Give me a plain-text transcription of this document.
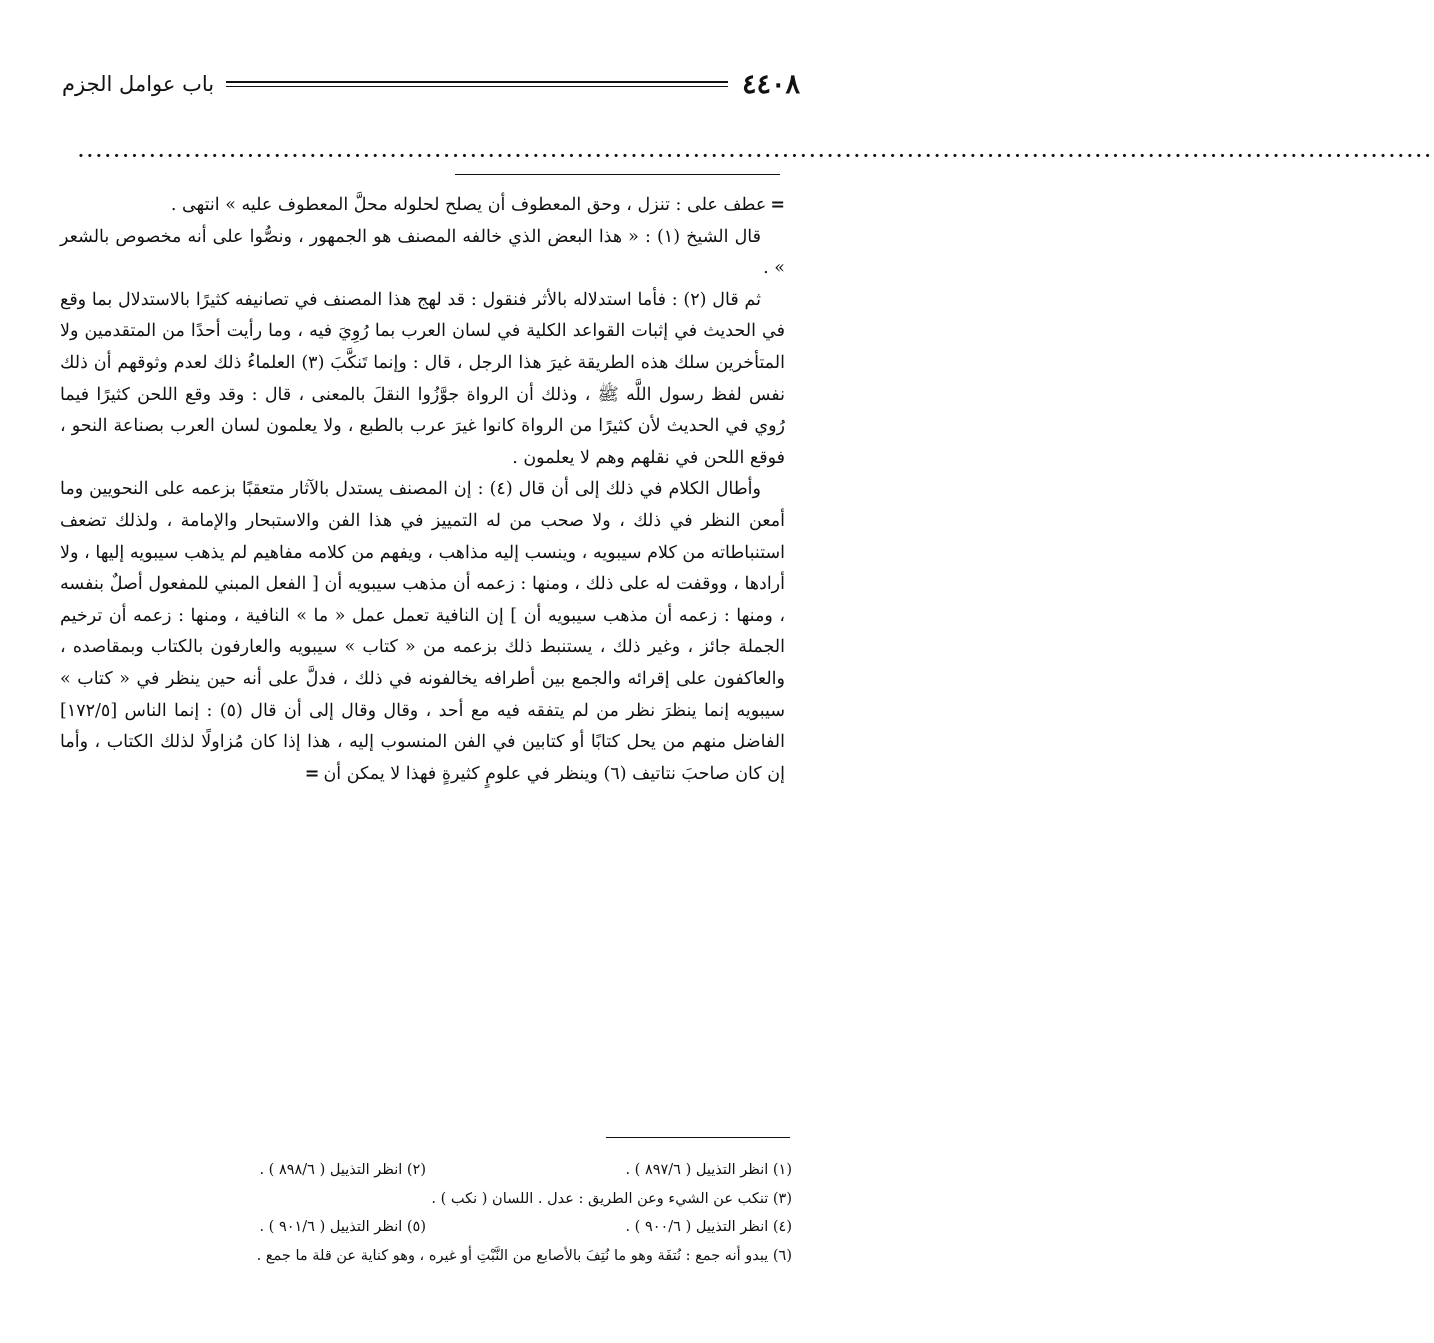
٤٤٠٨
باب عوامل الجزم
........................................................................................................................................................

=عطف على : تنزل ، وحق المعطوف أن يصلح لحلوله محلَّ المعطوف عليه » انتهى .

قال الشيخ (١) : « هذا البعض الذي خالفه المصنف هو الجمهور ، ونصُّوا على أنه مخصوص بالشعر » .

ثم قال (٢) : فأما استدلاله بالأثر فنقول : قد لهج هذا المصنف في تصانيفه كثيرًا بالاستدلال بما وقع في الحديث في إثبات القواعد الكلية في لسان العرب بما رُوِيَ فيه ، وما رأيت أحدًا من المتقدمين ولا المتأخرين سلك هذه الطريقة غيرَ هذا الرجل ، قال : وإنما تَنكَّبَ (٣) العلماءُ ذلك لعدم وثوقهم أن ذلك نفس لفظ رسول اللَّه ﷺ ، وذلك أن الرواة جوَّزُوا النقلَ بالمعنى ، قال : وقد وقع اللحن كثيرًا فيما رُوي في الحديث لأن كثيرًا من الرواة كانوا غيرَ عرب بالطبع ، ولا يعلمون لسان العرب بصناعة النحو ، فوقع اللحن في نقلهم وهم لا يعلمون .

وأطال الكلام في ذلك إلى أن قال (٤) : إن المصنف يستدل بالآثار متعقبًا بزعمه على النحويين وما أمعن النظر في ذلك ، ولا صحب من له التمييز في هذا الفن والاستبحار والإمامة ، ولذلك تضعف استنباطاته من كلام سيبويه ، وينسب إليه مذاهب ، ويفهم من كلامه مفاهيم لم يذهب سيبويه إليها ، ولا أرادها ، ووقفت له على ذلك ، ومنها : زعمه أن مذهب سيبويه أن [ الفعل المبني للمفعول أصلٌ بنفسه ، ومنها : زعمه أن مذهب سيبويه أن ] إن النافية تعمل عمل « ما » النافية ، ومنها : زعمه أن ترخيم الجملة جائز ، وغير ذلك ، يستنبط ذلك بزعمه من « كتاب » سيبويه والعارفون بالكتاب وبمقاصده ، والعاكفون على إقرائه والجمع بين أطرافه يخالفونه في ذلك ، فدلَّ على أنه حين ينظر في « كتاب » سيبويه إنما ينظرَ نظر من لم يتفقه فيه مع أحد ، وقال وقال إلى أن قال (٥) : إنما الناس [١٧٢/٥] الفاضل منهم من يحل كتابًا أو كتابين في الفن المنسوب إليه ، هذا إذا كان مُزاولًا لذلك الكتاب ، وأما إن كان صاحبَ نتاتيف (٦) وينظر في علومٍ كثيرةٍ فهذا لا يمكن أن=

(١) انظر التذييل ( ٨٩٧/٦ ) .
(٢) انظر التذييل ( ٨٩٨/٦ ) .
(٣) تنكب عن الشيء وعن الطريق : عدل . اللسان ( نكب ) .
(٤) انظر التذييل ( ٩٠٠/٦ ) .
(٥) انظر التذييل ( ٩٠١/٦ ) .
(٦) يبدو أنه جمع : نُتفَة وهو ما نُتِفَ بالأصابع من النَّبْتِ أو غيره ، وهو كناية عن قلة ما جمع .
